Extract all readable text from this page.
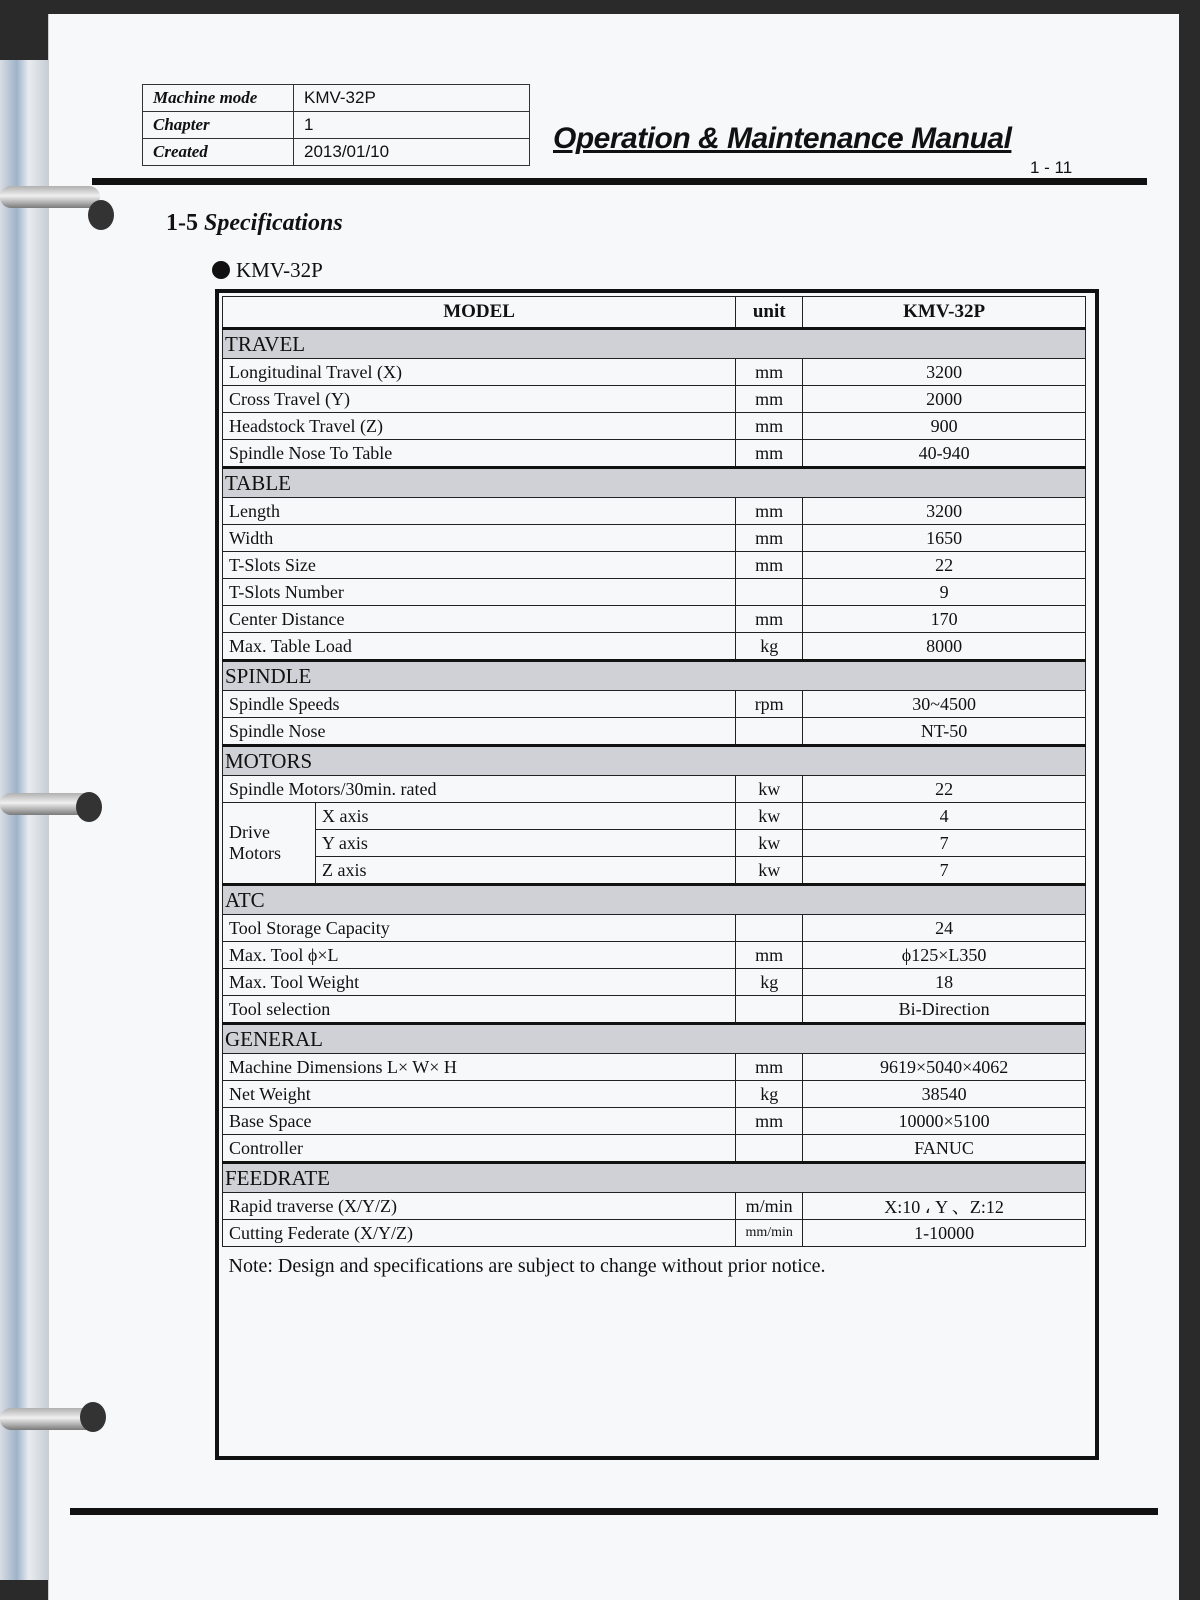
Machine mode	KMV-32P
Chapter	1
Created	2013/01/10	Operation & Maintenance Manual
1 - 11
1-5 Specifications
KMV-32P
MODEL		unit	KMV-32P
TRAVEL			
Longitudinal Travel (X)		mm	3200
Cross Travel (Y)		mm	2000
Headstock Travel (Z)		mm	900
Spindle Nose To Table		mm	40-940
TABLE			
Length		mm	3200
Width		mm	1650
T-Slots Size		mm	22
T-Slots Number			9
Center Distance		mm	170
Max. Table Load		kg	8000
SPINDLE			
Spindle Speeds		rpm	30~4500
Spindle Nose			NT-50
MOTORS			
Spindle Motors/30min. rated		kw	22
Drive Motors	X axis	kw	4
	Y axis	kw	7
	Z axis	kw	7
ATC			
Tool Storage Capacity			24
Max. Tool ϕ×L		mm	ϕ125×L350
Max. Tool Weight		kg	18
Tool selection			Bi-Direction
GENERAL			
Machine Dimensions L× W× H		mm	9619×5040×4062
Net Weight		kg	38540
Base Space		mm	10000×5100
Controller			FANUC
FEEDRATE			
Rapid traverse (X/Y/Z)		m/min	X:10 ، Y 、Z:12
Cutting Federate (X/Y/Z)		mm/min	1-10000
Note: Design and specifications are subject to change without prior notice.			
